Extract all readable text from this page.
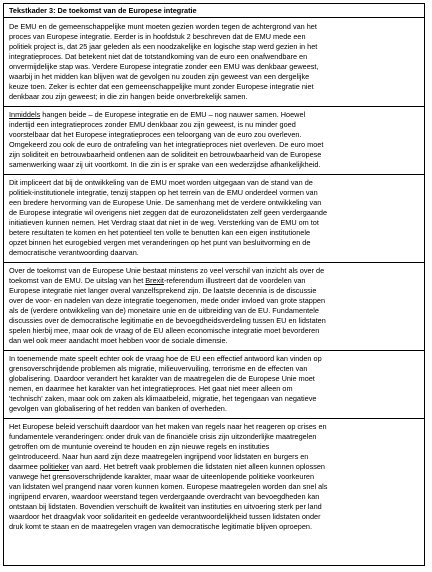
Tekstkader 3: De toekomst van de Europese integratie

De EMU en de gemeenschappelijke munt moeten gezien worden tegen de achtergrond van het
proces van Europese integratie. Eerder is in hoofdstuk 2 beschreven dat de EMU mede een
politiek project is, dat 25 jaar geleden als een noodzakelijke en logische stap werd gezien in het
integratieproces. Dat betekent niet dat de totstandkoming van de euro een onafwendbare en
onvermijdelijke stap was. Verdere Europese integratie zonder een EMU was denkbaar geweest,
waarbij in het midden kan blijven wat de gevolgen nu zouden zijn geweest van een dergelijke
keuze toen. Zeker is echter dat een gemeenschappelijke munt zonder Europese integratie niet
denkbaar zou zijn geweest; in die zin hangen beide onverbrekelijk samen.

Inmiddels hangen beide – de Europese integratie en de EMU – nog nauwer samen. Hoewel
indertijd een integratieproces zonder EMU denkbaar zou zijn geweest, is nu minder goed
voorstelbaar dat het Europese integratieproces een teloorgang van de euro zou overleven.
Omgekeerd zou ook de euro de ontrafeling van het integratieproces niet overleven. De euro moet
zijn soliditeit en betrouwbaarheid ontlenen aan de soliditeit en betrouwbaarheid van de Europese
samenwerking waar zij uit voortkomt. In die zin is er sprake van een wederzijdse afhankelijkheid.

Dit impliceert dat bij de ontwikkeling van de EMU moet worden uitgegaan van de stand van de
politiek-institutionele integratie, tenzij stappen op het terrein van de EMU onderdeel vormen van
een bredere hervorming van de Europese Unie. De samenhang met de verdere ontwikkeling van
de Europese integratie wil overigens niet zeggen dat de eurozonelidstaten zelf geen verdergaande
initiatieven kunnen nemen. Het Verdrag staat dat niet in de weg. Versterking van de EMU om tot
betere resultaten te komen en het potentieel ten volle te benutten kan een eigen institutionele
opzet binnen het eurogebied vergen met veranderingen op het punt van besluitvorming en de
democratische verantwoording daarvan.

Over de toekomst van de Europese Unie bestaat minstens zo veel verschil van inzicht als over de
toekomst van de EMU. De uitslag van het Brexit-referendum illustreert dat de voordelen van
Europese integratie niet langer overal vanzelfsprekend zijn. De laatste decennia is de discussie
over de voor- en nadelen van deze integratie toegenomen, mede onder invloed van grote stappen
als de (verdere ontwikkeling van de) monetaire unie en de uitbreiding van de EU. Fundamentele
discussies over de democratische legitimatie en de bevoegdheidsverdeling tussen EU en lidstaten
spelen hierbij mee, maar ook de vraag of de EU alleen economische integratie moet bevorderen
dan wel ook meer aandacht moet hebben voor de sociale dimensie.

In toenemende mate speelt echter ook de vraag hoe de EU een effectief antwoord kan vinden op
grensoverschrijdende problemen als migratie, milieuvervuiling, terrorisme en de effecten van
globalisering. Daardoor verandert het karakter van de maatregelen die de Europese Unie moet
nemen, en daarmee het karakter van het integratieproces. Het gaat niet meer alleen om
'technisch' zaken, maar ook om zaken als klimaatbeleid, migratie, het tegengaan van negatieve
gevolgen van globalisering of het redden van banken of overheden.

Het Europese beleid verschuift daardoor van het maken van regels naar het reageren op crises en
fundamentele veranderingen: onder druk van de financiële crisis zijn uitzonderlijke maatregelen
getroffen om de muntunie overeind te houden en zijn nieuwe regels en instituties
geïntroduceerd. Naar hun aard zijn deze maatregelen ingrijpend voor lidstaten en burgers en
daarmee politieker van aard. Het betreft vaak problemen die lidstaten niet alleen kunnen oplossen
vanwege het grensoverschrijdende karakter, maar waar de uiteenlopende politieke voorkeuren
van lidstaten wel prangend naar voren kunnen komen. Europese maatregelen worden dan snel als
ingrijpend ervaren, waardoor weerstand tegen verdergaande overdracht van bevoegdheden kan
ontstaan bij lidstaten. Bovendien verschuift de kwaliteit van instituties en uitvoering sterk per land
waardoor het draagvlak voor solidariteit en gedeelde verantwoordelijkheid tussen lidstaten onder
druk komt te staan en de maatregelen vragen van democratische legitimatie blijven oproepen.
